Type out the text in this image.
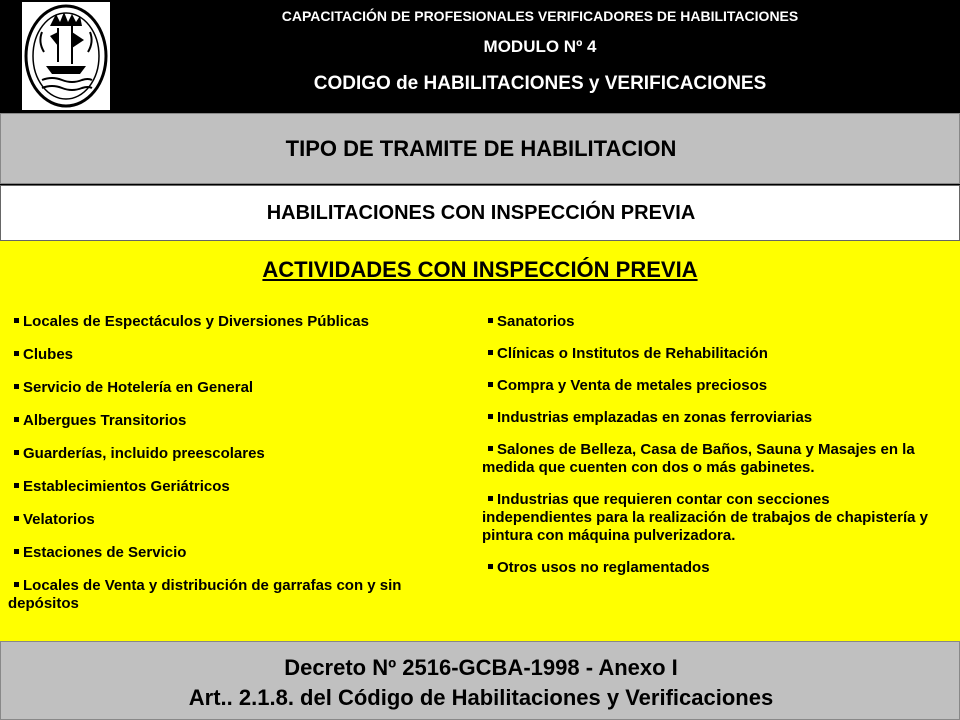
CAPACITACIÓN DE PROFESIONALES VERIFICADORES DE HABILITACIONES
MODULO Nº 4
CODIGO de HABILITACIONES y VERIFICACIONES
TIPO DE TRAMITE DE HABILITACION
HABILITACIONES CON INSPECCIÓN PREVIA
ACTIVIDADES CON INSPECCIÓN PREVIA
Locales de Espectáculos y Diversiones Públicas
Clubes
Servicio de Hotelería en General
Albergues Transitorios
Guarderías, incluido preescolares
Establecimientos Geriátricos
Velatorios
Estaciones de Servicio
Locales de Venta y distribución de garrafas con y sin depósitos
Sanatorios
Clínicas o Institutos de Rehabilitación
Compra y Venta de metales preciosos
Industrias emplazadas en zonas ferroviarias
Salones de Belleza, Casa de Baños, Sauna y Masajes en la medida que cuenten con dos o más gabinetes.
Industrias que requieren contar con secciones independientes para la realización de trabajos de chapistería y pintura con máquina pulverizadora.
Otros usos no reglamentados
Decreto Nº 2516-GCBA-1998 - Anexo I
Art.. 2.1.8. del Código de Habilitaciones y Verificaciones
